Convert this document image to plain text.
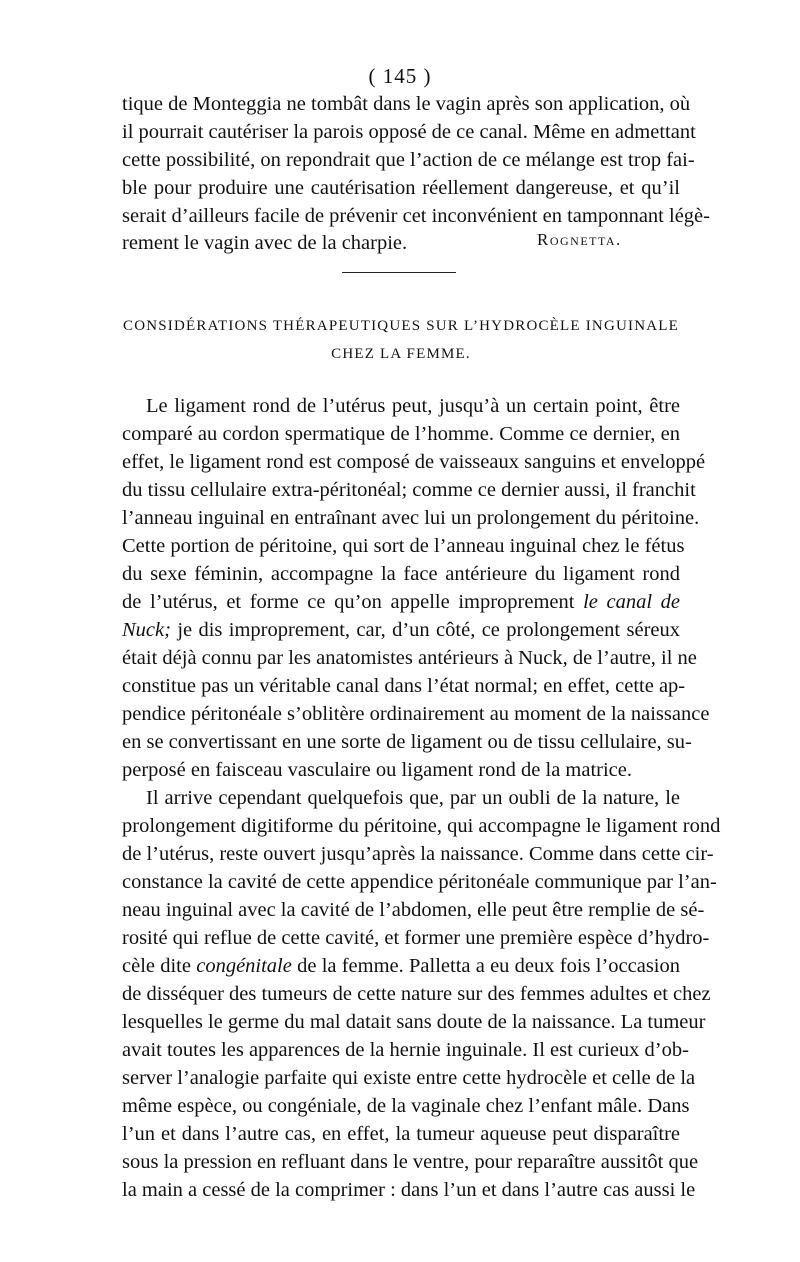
( 145 )
tique de Monteggia ne tombât dans le vagin après son application, où
il pourrait cautériser la parois opposé de ce canal. Même en admettant
cette possibilité, on repondrait que l’action de ce mélange est trop fai-
ble pour produire une cautérisation réellement dangereuse, et qu’il
serait d’ailleurs facile de prévenir cet inconvénient en tamponnant légè-
rement le vagin avec de la charpie.	Rognetta.
CONSIDÉRATIONS THÉRAPEUTIQUES SUR L’HYDROCÈLE INGUINALE
CHEZ LA FEMME.
Le ligament rond de l’utérus peut, jusqu’à un certain point, être
comparé au cordon spermatique de l’homme. Comme ce dernier, en
effet, le ligament rond est composé de vaisseaux sanguins et enveloppé
du tissu cellulaire extra-péritonéal; comme ce dernier aussi, il franchit
l’anneau inguinal en entraînant avec lui un prolongement du péritoine.
Cette portion de péritoine, qui sort de l’anneau inguinal chez le fétus
du sexe féminin, accompagne la face antérieure du ligament rond
de l’utérus, et forme ce qu’on appelle improprement le canal de
Nuck; je dis improprement, car, d’un côté, ce prolongement séreux
était déjà connu par les anatomistes antérieurs à Nuck, de l’autre, il ne
constitue pas un véritable canal dans l’état normal; en effet, cette ap-
pendice péritonéale s’oblitère ordinairement au moment de la naissance
en se convertissant en une sorte de ligament ou de tissu cellulaire, su-
perposé en faisceau vasculaire ou ligament rond de la matrice.
Il arrive cependant quelquefois que, par un oubli de la nature, le
prolongement digitiforme du péritoine, qui accompagne le ligament rond
de l’utérus, reste ouvert jusqu’après la naissance. Comme dans cette cir-
constance la cavité de cette appendice péritonéale communique par l’an-
neau inguinal avec la cavité de l’abdomen, elle peut être remplie de sé-
rosité qui reflue de cette cavité, et former une première espèce d’hydro-
cèle dite congénitale de la femme. Palletta a eu deux fois l’occasion
de disséquer des tumeurs de cette nature sur des femmes adultes et chez
lesquelles le germe du mal datait sans doute de la naissance. La tumeur
avait toutes les apparences de la hernie inguinale. Il est curieux d’ob-
server l’analogie parfaite qui existe entre cette hydrocèle et celle de la
même espèce, ou congéniale, de la vaginale chez l’enfant mâle. Dans
l’un et dans l’autre cas, en effet, la tumeur aqueuse peut disparaître
sous la pression en refluant dans le ventre, pour reparaître aussitôt que
la main a cessé de la comprimer : dans l’un et dans l’autre cas aussi le
